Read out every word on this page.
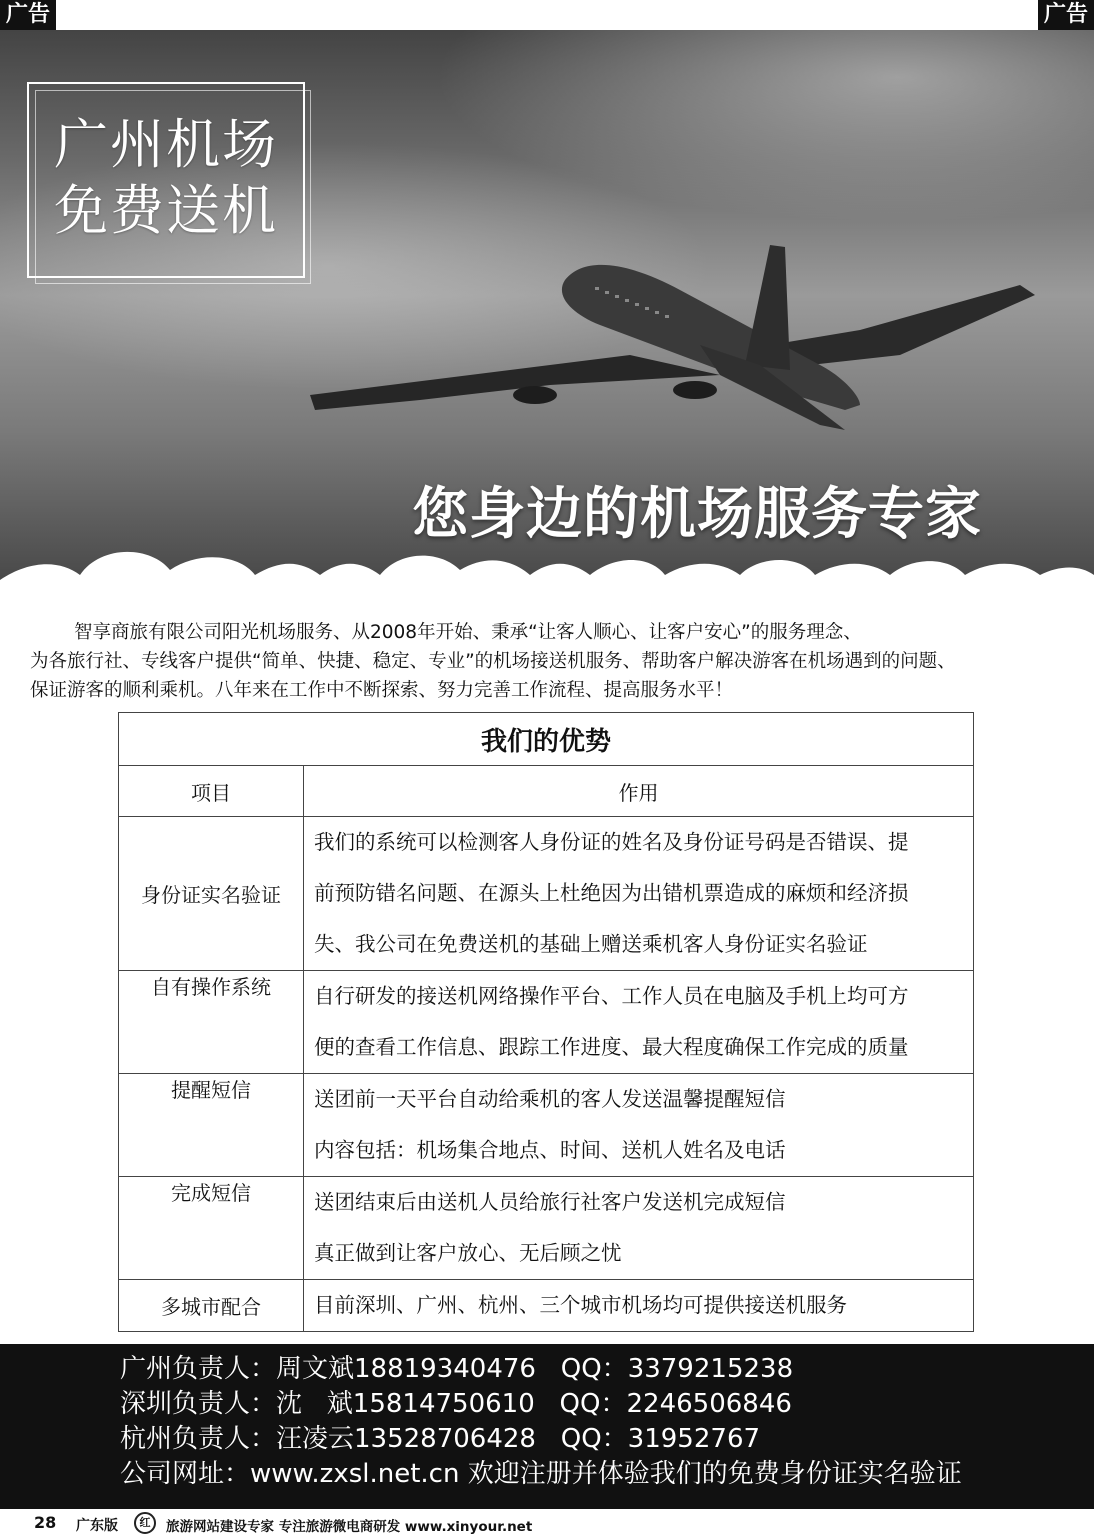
广告	广告
广州机场
免费送机
您身边的机场服务专家

智享商旅有限公司阳光机场服务、从2008年开始、秉承“让客人顺心、让客户安心”的服务理念、

为各旅行社、专线客户提供“简单、快捷、稳定、专业”的机场接送机服务、帮助客户解决游客在机场遇到的问题、

保证游客的顺利乘机。八年来在工作中不断探索、努力完善工作流程、提高服务水平！

我们的优势	
项目	作用
身份证实名验证	我们的系统可以检测客人身份证的姓名及身份证号码是否错误、提
前预防错名问题、在源头上杜绝因为出错机票造成的麻烦和经济损
失、我公司在免费送机的基础上赠送乘机客人身份证实名验证

自有操作系统	自行研发的接送机网络操作平台、工作人员在电脑及手机上均可方
便的查看工作信息、跟踪工作进度、最大程度确保工作完成的质量

提醒短信	送团前一天平台自动给乘机的客人发送温馨提醒短信
内容包括：机场集合地点、时间、送机人姓名及电话

完成短信	送团结束后由送机人员给旅行社客户发送机完成短信
真正做到让客户放心、无后顾之忧

多城市配合	目前深圳、广州、杭州、三个城市机场均可提供接送机服务
广州负责人：周文斌18819340476   QQ：3379215238
深圳负责人：沈   斌15814750610   QQ：2246506846
杭州负责人：汪凌云13528706428   QQ：31952767
公司网址：www.zxsl.net.cn 欢迎注册并体验我们的免费身份证实名验证
28 广东版	红	旅游网站建设专家 专注旅游微电商研发 www.xinyour.net
